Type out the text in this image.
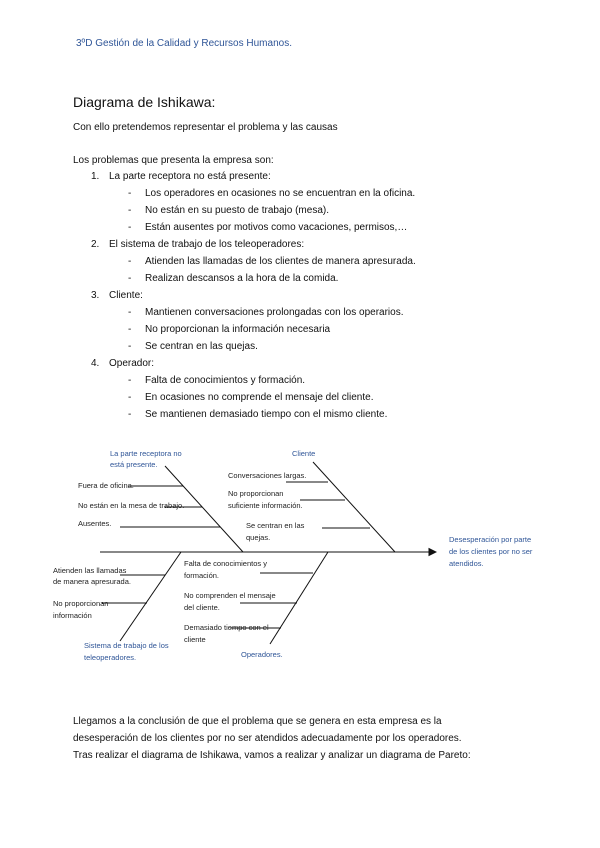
3ºD Gestión de la Calidad y Recursos Humanos.
Diagrama de Ishikawa:
Con ello pretendemos representar el problema y las causas
Los problemas que presenta la empresa son:
1. La parte receptora no está presente:
- Los operadores en ocasiones no se encuentran en la oficina.
- No están en su puesto de trabajo (mesa).
- Están ausentes por motivos como vacaciones, permisos,…
2. El sistema de trabajo de los teleoperadores:
- Atienden las llamadas de los clientes de manera apresurada.
- Realizan descansos a la hora de la comida.
3. Cliente:
- Mantienen conversaciones prolongadas con los operarios.
- No proporcionan la información necesaria
- Se centran en las quejas.
4. Operador:
- Falta de conocimientos y formación.
- En ocasiones no comprende el mensaje del cliente.
- Se mantienen demasiado tiempo con el mismo cliente.
La parte receptora no
está presente.
Cliente
Sistema de trabajo de los
teleoperadores.	Operadores.
Desesperación por parte
de los clientes por no ser
atendidos.
Fuera de oficina.
No están en la mesa de trabajo.
Ausentes.
Conversaciones largas.
No proporcionan
suficiente información.
Se centran en las
quejas.
Atienden las llamadas
de manera apresurada.
No proporcionan
información
Falta de conocimientos y
formación.
No comprenden el mensaje
del cliente.
Demasiado tiempo con el
cliente
Llegamos a la conclusión de que el problema que se genera en esta empresa es la
desesperación de los clientes por no ser atendidos adecuadamente por los operadores.
Tras realizar el diagrama de Ishikawa, vamos a realizar y analizar un diagrama de Pareto:
